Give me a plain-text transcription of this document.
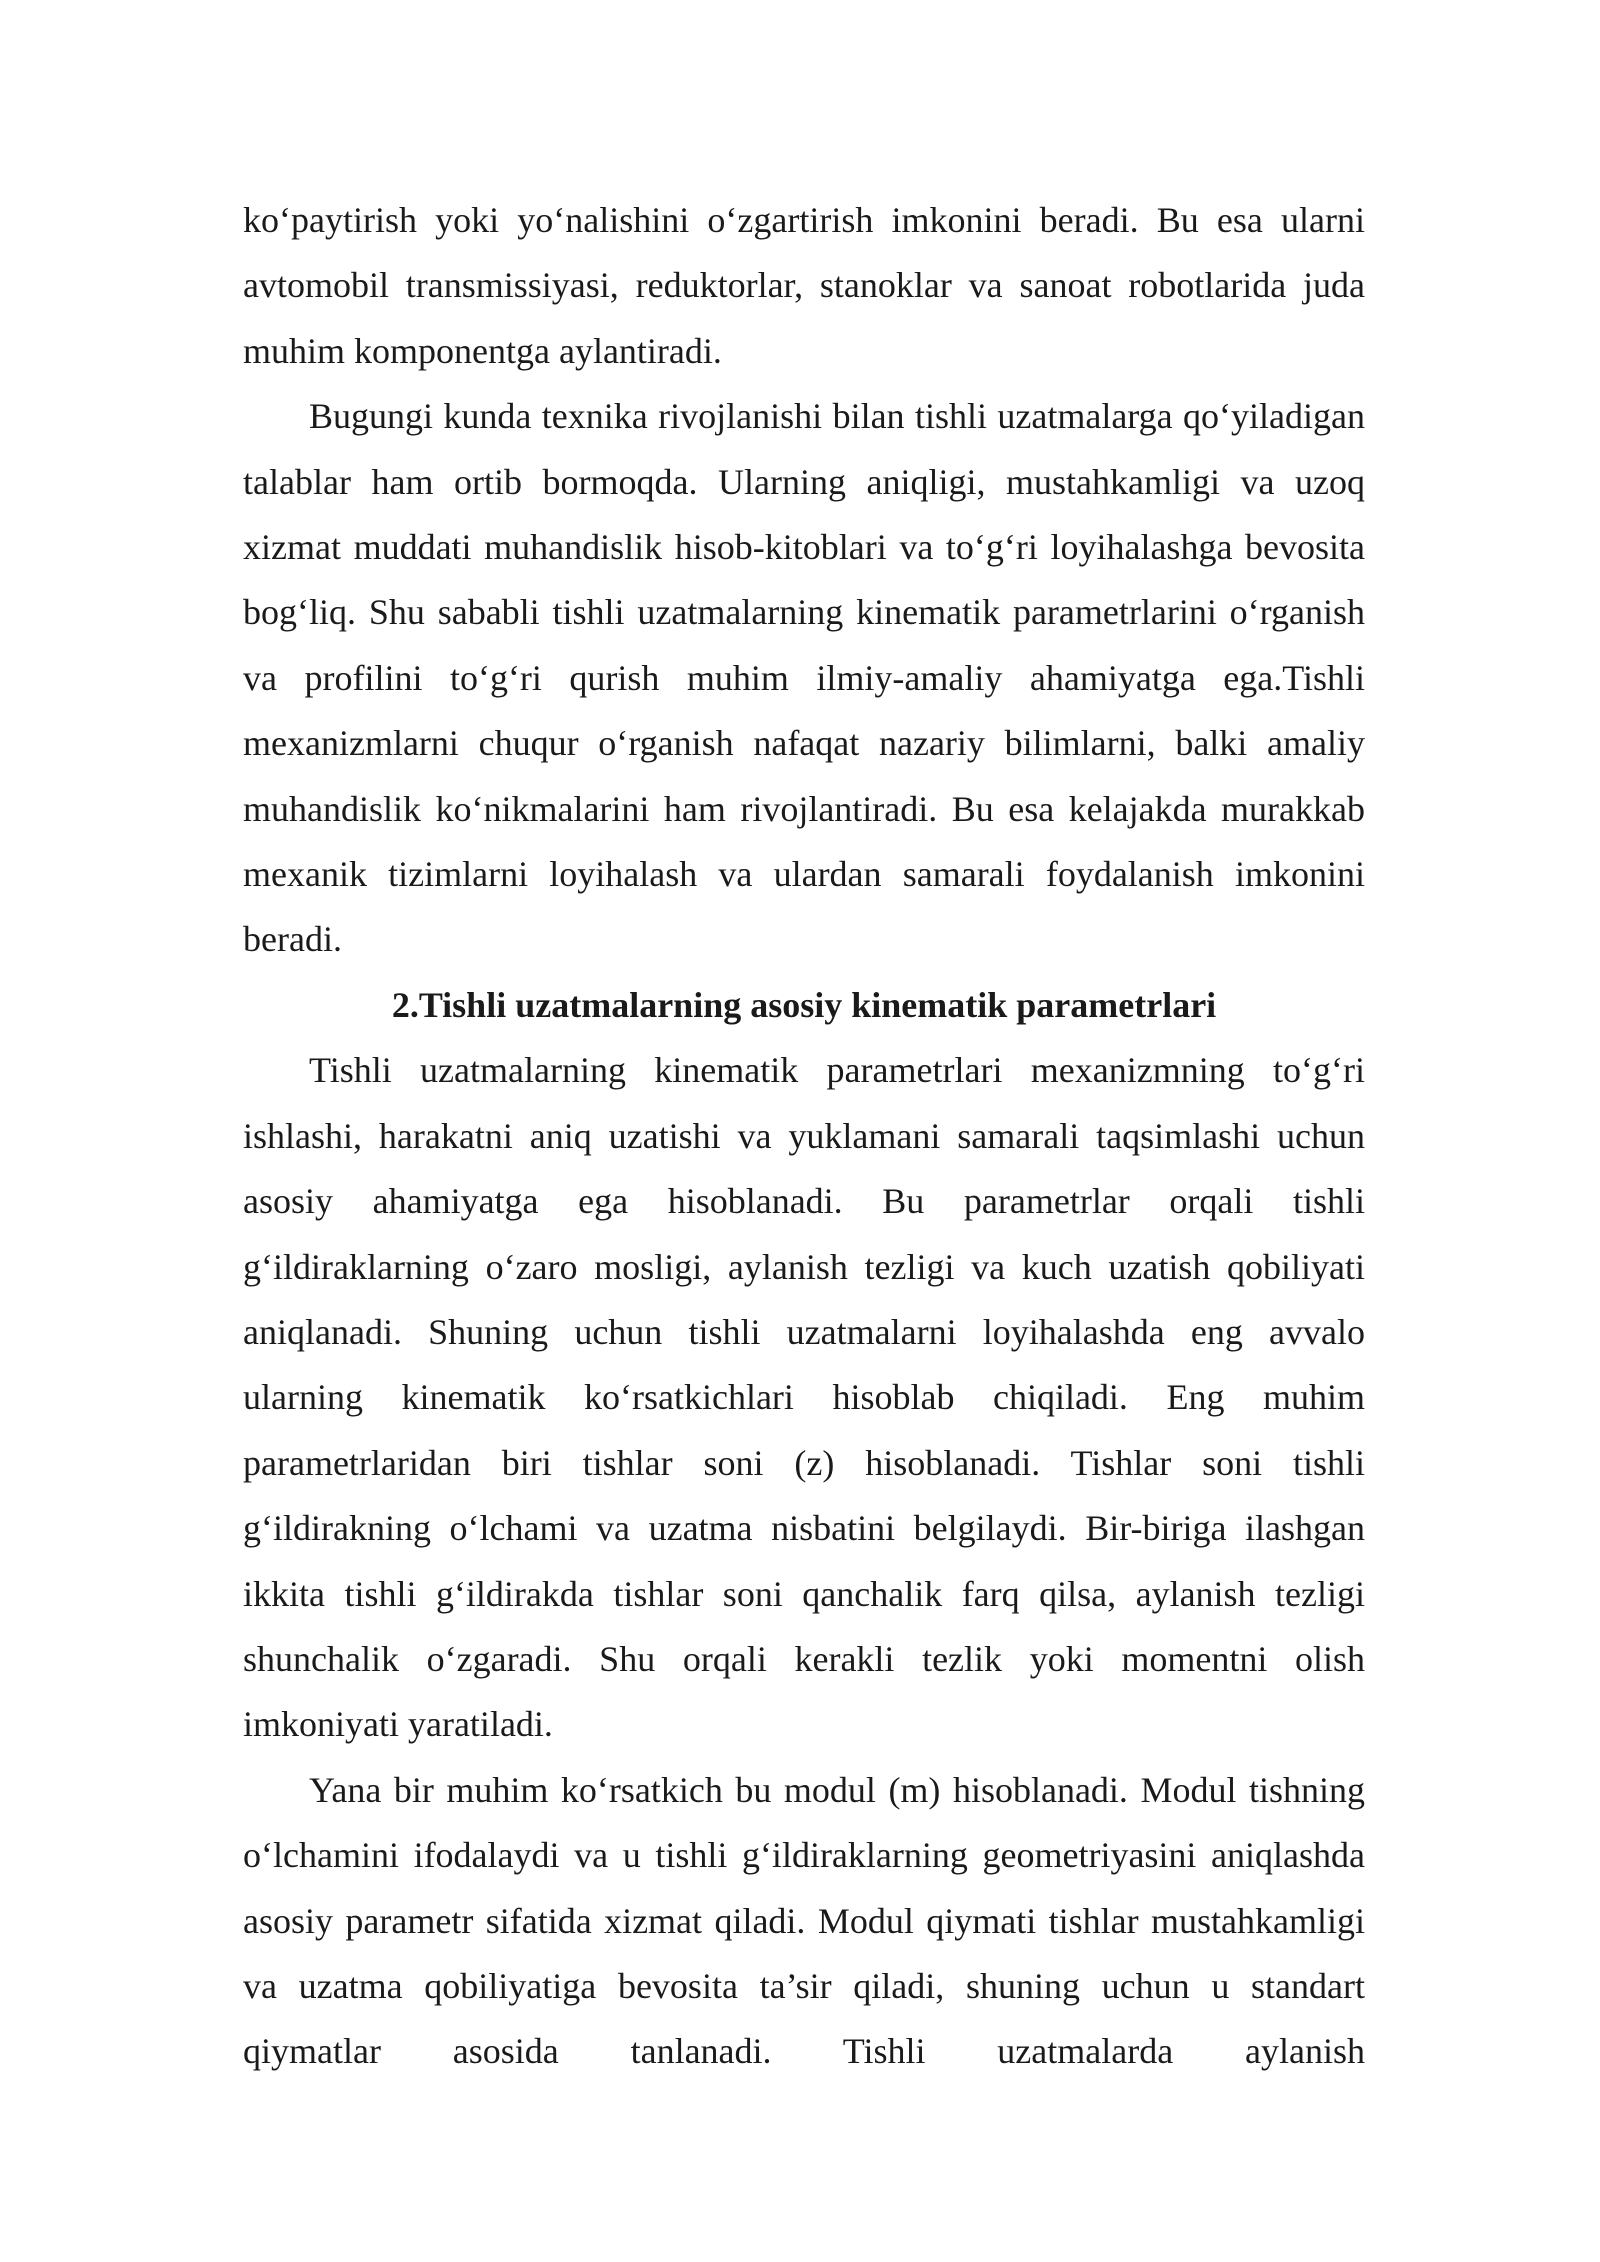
ko‘paytirish yoki yo‘nalishini o‘zgartirish imkonini beradi. Bu esa ularni avtomobil transmissiyasi, reduktorlar, stanoklar va sanoat robotlarida juda muhim komponentga aylantiradi.

Bugungi kunda texnika rivojlanishi bilan tishli uzatmalarga qo‘yiladigan talablar ham ortib bormoqda. Ularning aniqligi, mustahkamligi va uzoq xizmat muddati muhandislik hisob-kitoblari va to‘g‘ri loyihalashga bevosita bog‘liq. Shu sababli tishli uzatmalarning kinematik parametrlarini o‘rganish va profilini to‘g‘ri qurish muhim ilmiy-amaliy ahamiyatga ega.Tishli mexanizmlarni chuqur o‘rganish nafaqat nazariy bilimlarni, balki amaliy muhandislik ko‘nikmalarini ham rivojlantiradi. Bu esa kelajakda murakkab mexanik tizimlarni loyihalash va ulardan samarali foydalanish imkonini beradi.

2.Tishli uzatmalarning asosiy kinematik parametrlari

Tishli uzatmalarning kinematik parametrlari mexanizmning to‘g‘ri ishlashi, harakatni aniq uzatishi va yuklamani samarali taqsimlashi uchun asosiy ahamiyatga ega hisoblanadi. Bu parametrlar orqali tishli g‘ildiraklarning o‘zaro mosligi, aylanish tezligi va kuch uzatish qobiliyati aniqlanadi. Shuning uchun tishli uzatmalarni loyihalashda eng avvalo ularning kinematik ko‘rsatkichlari hisoblab chiqiladi. Eng muhim parametrlaridan biri tishlar soni (z) hisoblanadi. Tishlar soni tishli g‘ildirakning o‘lchami va uzatma nisbatini belgilaydi. Bir-biriga ilashgan ikkita tishli g‘ildirakda tishlar soni qanchalik farq qilsa, aylanish tezligi shunchalik o‘zgaradi. Shu orqali kerakli tezlik yoki momentni olish imkoniyati yaratiladi.

Yana bir muhim ko‘rsatkich bu modul (m) hisoblanadi. Modul tishning o‘lchamini ifodalaydi va u tishli g‘ildiraklarning geometriyasini aniqlashda asosiy parametr sifatida xizmat qiladi. Modul qiymati tishlar mustahkamligi va uzatma qobiliyatiga bevosita ta’sir qiladi, shuning uchun u standart qiymatlar asosida tanlanadi. Tishli uzatmalarda aylanish
